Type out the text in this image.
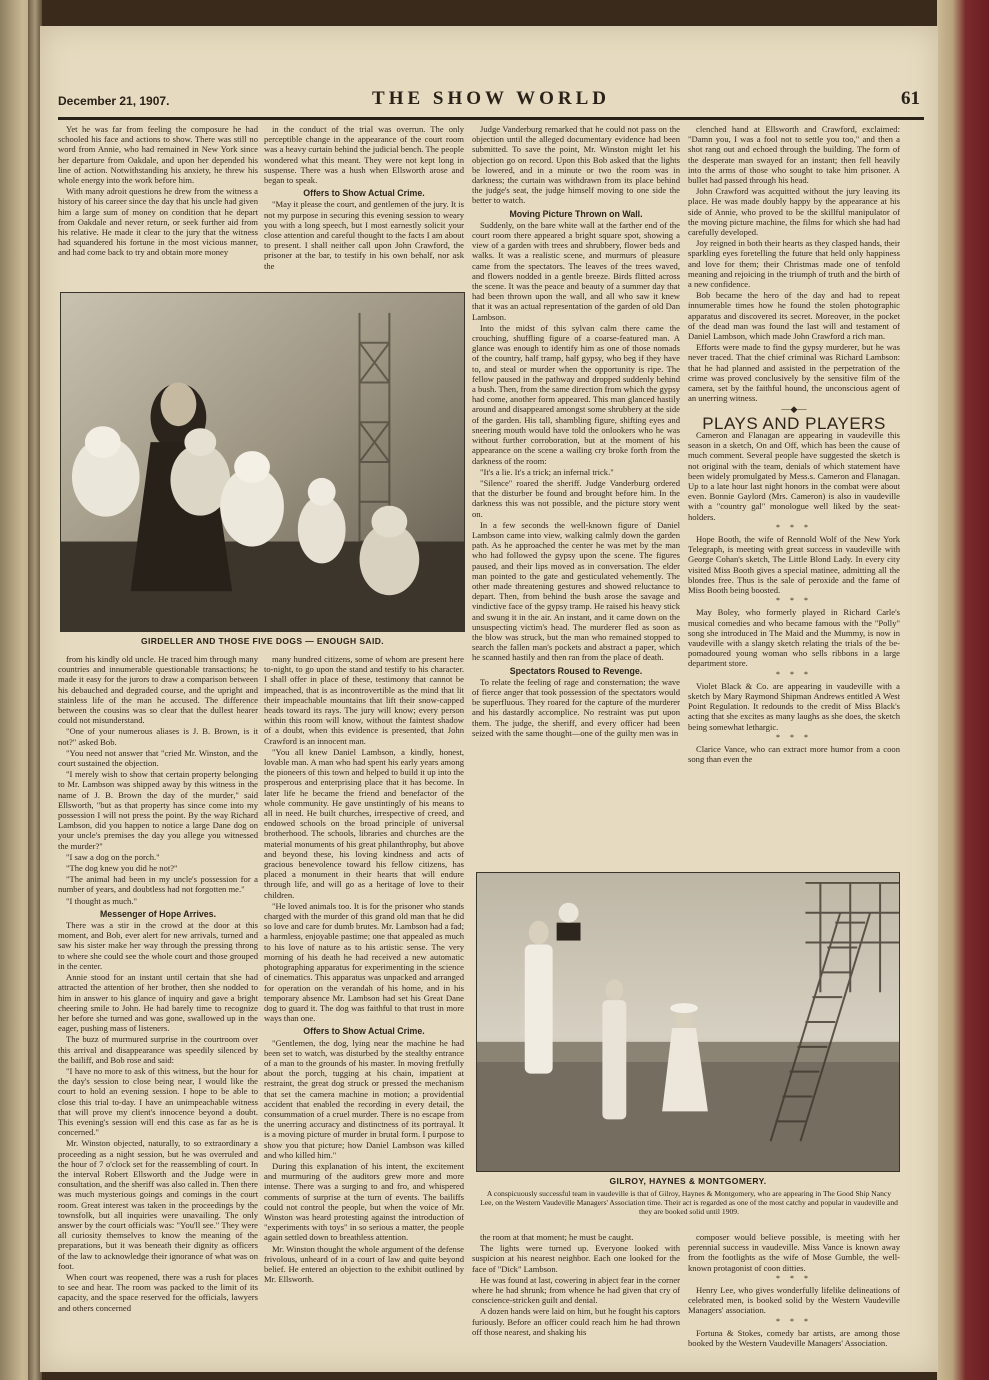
December 21, 1907.	THE SHOW WORLD	61

Yet he was far from feeling the composure he had schooled his face and actions to show. There was still no word from Annie, who had remained in New York since her departure from Oakdale, and upon her depended his line of action. Notwithstanding his anxiety, he threw his whole energy into the work before him.

With many adroit questions he drew from the witness a history of his career since the day that his uncle had given him a large sum of money on condition that he depart from Oakdale and never return, or seek further aid from his relative. He made it clear to the jury that the witness had squandered his fortune in the most vicious manner, and had come back to try and obtain more money

in the conduct of the trial was overrun. The only perceptible change in the appearance of the court room was a heavy curtain behind the judicial bench. The people wondered what this meant. They were not kept long in suspense. There was a hush when Ellsworth arose and began to speak.

Offers to Show Actual Crime.

"May it please the court, and gentlemen of the jury. It is not my purpose in securing this evening session to weary you with a long speech, but I most earnestly solicit your close attention and careful thought to the facts I am about to present. I shall neither call upon John Crawford, the prisoner at the bar, to testify in his own behalf, nor ask the

GIRDELLER AND THOSE FIVE DOGS — ENOUGH SAID.

from his kindly old uncle. He traced him through many countries and innumerable questionable transactions; he made it easy for the jurors to draw a comparison between his debauched and degraded course, and the upright and stainless life of the man he accused. The difference between the cousins was so clear that the dullest hearer could not misunderstand.

"One of your numerous aliases is J. B. Brown, is it not?" asked Bob.

"You need not answer that "cried Mr. Winston, and the court sustained the objection.

"I merely wish to show that certain property belonging to Mr. Lambson was shipped away by this witness in the name of J. B. Brown the day of the murder," said Ellsworth, "but as that property has since come into my possession I will not press the point. By the way Richard Lambson, did you happen to notice a large Dane dog on your uncle's premises the day you allege you witnessed the murder?"

"I saw a dog on the porch."

"The dog knew you did he not?"

"The animal had been in my uncle's possession for a number of years, and doubtless had not forgotten me."

"I thought as much."

Messenger of Hope Arrives.

There was a stir in the crowd at the door at this moment, and Bob, ever alert for new arrivals, turned and saw his sister make her way through the pressing throng to where she could see the whole court and those grouped in the center.

Annie stood for an instant until certain that she had attracted the attention of her brother, then she nodded to him in answer to his glance of inquiry and gave a bright cheering smile to John. He had barely time to recognize her before she turned and was gone, swallowed up in the eager, pushing mass of listeners.

The buzz of murmured surprise in the courtroom over this arrival and disappearance was speedily silenced by the bailiff, and Bob rose and said:

"I have no more to ask of this witness, but the hour for the day's session to close being near, I would like the court to hold an evening session. I hope to be able to close this trial to-day. I have an unimpeachable witness that will prove my client's innocence beyond a doubt. This evening's session will end this case as far as he is concerned."

Mr. Winston objected, naturally, to so extraordinary a proceeding as a night session, but he was overruled and the hour of 7 o'clock set for the reassembling of court. In the interval Robert Ellsworth and the Judge were in consultation, and the sheriff was also called in. Then there was much mysterious goings and comings in the court room. Great interest was taken in the proceedings by the townsfolk, but all inquiries were unavailing. The only answer by the court officials was: "You'll see." They were all curiosity themselves to know the meaning of the preparations, but it was beneath their dignity as officers of the law to acknowledge their ignorance of what was on foot.

When court was reopened, there was a rush for places to see and hear. The room was packed to the limit of its capacity, and the space reserved for the officials, lawyers and others concerned

many hundred citizens, some of whom are present here to-night, to go upon the stand and testify to his character. I shall offer in place of these, testimony that cannot be impeached, that is as incontrovertible as the mind that lit their impeachable mountains that lift their snow-capped heads toward its rays. The jury will know; every person within this room will know, without the faintest shadow of a doubt, when this evidence is presented, that John Crawford is an innocent man.

"You all knew Daniel Lambson, a kindly, honest, lovable man. A man who had spent his early years among the pioneers of this town and helped to build it up into the prosperous and enterprising place that it has become. In later life he became the friend and benefactor of the whole community. He gave unstintingly of his means to all in need. He built churches, irrespective of creed, and endowed schools on the broad principle of universal brotherhood. The schools, libraries and churches are the material monuments of his great philanthrophy, but above and beyond these, his loving kindness and acts of gracious benevolence toward his fellow citizens, has placed a monument in their hearts that will endure through life, and will go as a heritage of love to their children.

"He loved animals too. It is for the prisoner who stands charged with the murder of this grand old man that he did so love and care for dumb brutes. Mr. Lambson had a fad; a harmless, enjoyable pastime; one that appealed as much to his love of nature as to his artistic sense. The very morning of his death he had received a new automatic photographing apparatus for experimenting in the science of cinematics. This apparatus was unpacked and arranged for operation on the verandah of his home, and in his temporary absence Mr. Lambson had set his Great Dane dog to guard it. The dog was faithful to that trust in more ways than one.

Offers to Show Actual Crime.

"Gentlemen, the dog, lying near the machine he had been set to watch, was disturbed by the stealthy entrance of a man to the grounds of his master. In moving fretfully about the porch, tugging at his chain, impatient at restraint, the great dog struck or pressed the mechanism that set the camera machine in motion; a providential accident that enabled the recording in every detail, the consummation of a cruel murder. There is no escape from the unerring accuracy and distinctness of its portrayal. It is a moving picture of murder in brutal form. I purpose to show you that picture; how Daniel Lambson was killed and who killed him."

During this explanation of his intent, the excitement and murmuring of the auditors grew more and more intense. There was a surging to and fro, and whispered comments of surprise at the turn of events. The bailiffs could not control the people, but when the voice of Mr. Winston was heard protesting against the introduction of "experiments with toys" in so serious a matter, the people again settled down to breathless attention.

Mr. Winston thought the whole argument of the defense frivolous, unheard of in a court of law and quite beyond belief. He entered an objection to the exhibit outlined by Mr. Ellsworth.

Judge Vanderburg remarked that he could not pass on the objection until the alleged documentary evidence had been submitted. To save the point, Mr. Winston might let his objection go on record. Upon this Bob asked that the lights be lowered, and in a minute or two the room was in darkness; the curtain was withdrawn from its place behind the judge's seat, the judge himself moving to one side the better to watch.

Moving Picture Thrown on Wall.

Suddenly, on the bare white wall at the farther end of the court room there appeared a bright square spot, showing a view of a garden with trees and shrubbery, flower beds and walks. It was a realistic scene, and murmurs of pleasure came from the spectators. The leaves of the trees waved, and flowers nodded in a gentle breeze. Birds flitted across the scene. It was the peace and beauty of a summer day that had been thrown upon the wall, and all who saw it knew that it was an actual representation of the garden of old Dan Lambson.

Into the midst of this sylvan calm there came the crouching, shuffling figure of a coarse-featured man. A glance was enough to identify him as one of those nomads of the country, half tramp, half gypsy, who beg if they have to, and steal or murder when the opportunity is ripe. The fellow paused in the pathway and dropped suddenly behind a bush. Then, from the same direction from which the gypsy had come, another form appeared. This man glanced hastily around and disappeared amongst some shrubbery at the side of the garden. His tall, shambling figure, shifting eyes and sneering mouth would have told the onlookers who he was without further corroboration, but at the moment of his appearance on the scene a wailing cry broke forth from the darkness of the room:

"It's a lie. It's a trick; an infernal trick."

"Silence" roared the sheriff. Judge Vanderburg ordered that the disturber be found and brought before him. In the darkness this was not possible, and the picture story went on.

In a few seconds the well-known figure of Daniel Lambson came into view, walking calmly down the garden path. As he approached the center he was met by the man who had followed the gypsy upon the scene. The figures paused, and their lips moved as in conversation. The elder man pointed to the gate and gesticulated vehemently. The other made threatening gestures and showed reluctance to depart. Then, from behind the bush arose the savage and vindictive face of the gypsy tramp. He raised his heavy stick and swung it in the air. An instant, and it came down on the unsuspecting victim's head. The murderer fled as soon as the blow was struck, but the man who remained stopped to search the fallen man's pockets and abstract a paper, which he scanned hastily and then ran from the place of death.

Spectators Roused to Revenge.

To relate the feeling of rage and consternation; the wave of fierce anger that took possession of the spectators would be superfluous. They roared for the capture of the murderer and his dastardly accomplice. No restraint was put upon them. The judge, the sheriff, and every officer had been seized with the same thought—one of the guilty men was in

clenched hand at Ellsworth and Crawford, exclaimed: "Damn you, I was a fool not to settle you too," and then a shot rang out and echoed through the building. The form of the desperate man swayed for an instant; then fell heavily into the arms of those who sought to take him prisoner. A bullet had passed through his head.

John Crawford was acquitted without the jury leaving its place. He was made doubly happy by the appearance at his side of Annie, who proved to be the skillful manipulator of the moving picture machine, the films for which she had had carefully developed.

Joy reigned in both their hearts as they clasped hands, their sparkling eyes foretelling the future that held only happiness and love for them; their Christmas made one of tenfold meaning and rejoicing in the triumph of truth and the birth of a new confidence.

Bob became the hero of the day and had to repeat innumerable times how he found the stolen photographic apparatus and discovered its secret. Moreover, in the pocket of the dead man was found the last will and testament of Daniel Lambson, which made John Crawford a rich man.

Efforts were made to find the gypsy murderer, but he was never traced. That the chief criminal was Richard Lambson: that he had planned and assisted in the perpetration of the crime was proved conclusively by the sensitive film of the camera, set by the faithful hound, the unconscious agent of an unerring witness.

—◆—

PLAYS AND PLAYERS

Cameron and Flanagan are appearing in vaudeville this season in a sketch, On and Off, which has been the cause of much comment. Several people have suggested the sketch is not original with the team, denials of which statement have been widely promulgated by Mess.s. Cameron and Flanagan. Up to a late hour last night honors in the combat were about even. Bonnie Gaylord (Mrs. Cameron) is also in vaudeville with a "country gal" monologue well liked by the seat-holders.

* * *

Hope Booth, the wife of Rennold Wolf of the New York Telegraph, is meeting with great success in vaudeville with George Cohan's sketch, The Little Blond Lady. In every city visited Miss Booth gives a special matinee, admitting all the blondes free. Thus is the sale of peroxide and the fame of Miss Booth being boosted.

* * *

May Boley, who formerly played in Richard Carle's musical comedies and who became famous with the "Polly" song she introduced in The Maid and the Mummy, is now in vaudeville with a slangy sketch relating the trials of the be-pomadoured young woman who sells ribbons in a large department store.

* * *

Violet Black & Co. are appearing in vaudeville with a sketch by Mary Raymond Shipman Andrews entitled A West Point Regulation. It redounds to the credit of Miss Black's acting that she excites as many laughs as she does, the sketch being somewhat lethargic.

* * *

Clarice Vance, who can extract more humor from a coon song than even the

GILROY, HAYNES & MONTGOMERY.
A conspicuously successful team in vaudeville is that of Gilroy, Haynes & Montgomery, who are appearing in The Good Ship Nancy Lee, on the Western Vaudeville Managers' Association time. Their act is regarded as one of the most catchy and popular in vaudeville and they are booked solid until 1909.

the room at that moment; he must be caught.

The lights were turned up. Everyone looked with suspicion at his nearest neighbor. Each one looked for the face of "Dick" Lambson.

He was found at last, cowering in abject fear in the corner where he had shrunk; from whence he had given that cry of conscience-stricken guilt and denial.

A dozen hands were laid on him, but he fought his captors furiously. Before an officer could reach him he had thrown off those nearest, and shaking his

composer would believe possible, is meeting with her perennial success in vaudeville. Miss Vance is known away from the footlights as the wife of Mose Gumble, the well-known protagonist of coon ditties.

* * *

Henry Lee, who gives wonderfully lifelike delineations of celebrated men, is booked solid by the Western Vaudeville Managers' association.

* * *

Fortuna & Stokes, comedy bar artists, are among those booked by the Western Vaudeville Managers' Association.
